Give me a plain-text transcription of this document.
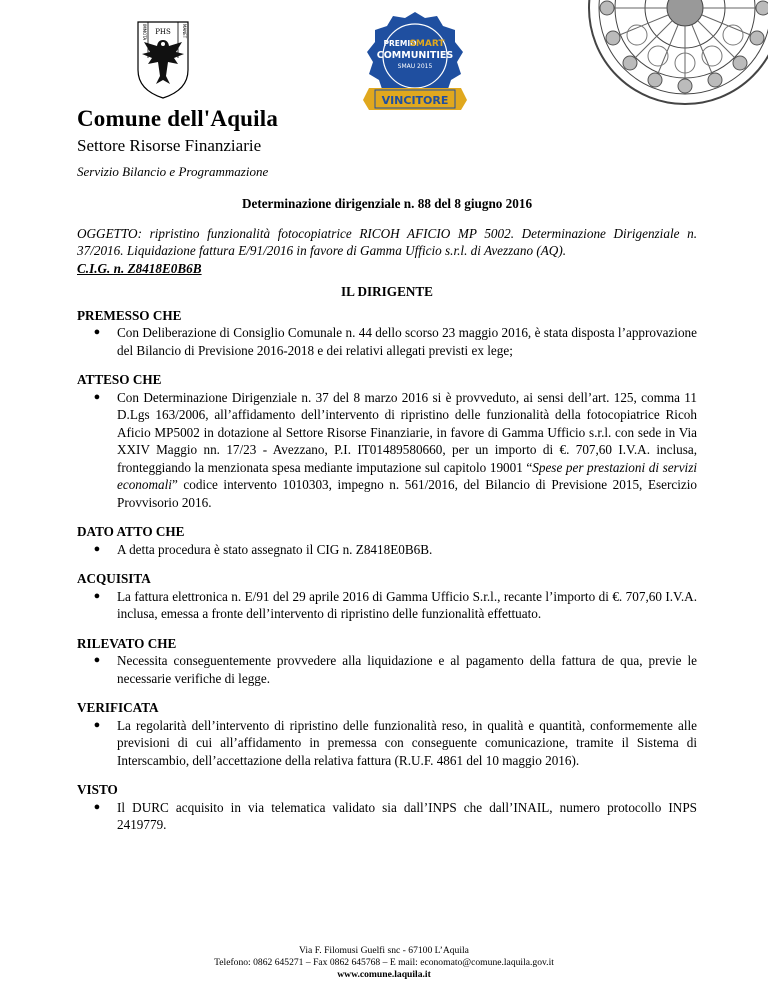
IMMOTA	MANET
PHS
Comune dell'Aquila
Settore Risorse Finanziarie
Servizio Bilancio e Programmazione
PREMIO
SMART
COMMUNITIES
SMAU 2015
VINCITORE

Determinazione dirigenziale n. 88 del 8 giugno 2016

OGGETTO: ripristino funzionalità fotocopiatrice RICOH AFICIO MP 5002. Determinazione Dirigenziale n. 37/2016. Liquidazione fattura E/91/2016 in favore di Gamma Ufficio s.r.l. di Avezzano (AQ).

C.I.G. n. Z8418E0B6B

IL DIRIGENTE

PREMESSO CHE

●	Con Deliberazione di Consiglio Comunale n. 44 dello scorso 23 maggio 2016, è stata disposta l’approvazione del Bilancio di Previsione 2016-2018 e dei relativi allegati previsti ex lege;

ATTESO CHE

●	Con Determinazione Dirigenziale n. 37 del 8 marzo 2016 si è provveduto, ai sensi dell’art. 125, comma 11 D.Lgs 163/2006, all’affidamento dell’intervento di ripristino delle funzionalità della fotocopiatrice Ricoh Aficio MP5002 in dotazione al Settore Risorse Finanziarie, in favore di Gamma Ufficio s.r.l. con sede in Via XXIV Maggio nn. 17/23 - Avezzano, P.I. IT01489580660, per un importo di €. 707,60 I.V.A. inclusa, fronteggiando la menzionata spesa mediante imputazione sul capitolo 19001 “Spese per prestazioni di servizi economali” codice intervento 1010303, impegno n. 561/2016, del Bilancio di Previsione 2015, Esercizio Provvisorio 2016.

DATO ATTO CHE

●	A detta procedura è stato assegnato il CIG n. Z8418E0B6B.

ACQUISITA

●	La fattura elettronica n. E/91 del 29 aprile 2016 di Gamma Ufficio S.r.l., recante l’importo di €. 707,60 I.V.A. inclusa, emessa a fronte dell’intervento di ripristino delle funzionalità effettuato.

RILEVATO CHE

●	Necessita conseguentemente provvedere alla liquidazione e al pagamento della fattura de qua, previe le necessarie verifiche di legge.

VERIFICATA

●	La regolarità dell’intervento di ripristino delle funzionalità reso, in qualità e quantità, conformemente alle previsioni di cui all’affidamento in premessa con conseguente comunicazione, tramite il Sistema di Interscambio, dell’accettazione della relativa fattura (R.U.F. 4861 del 10 maggio 2016).

VISTO

●	Il DURC acquisito in via telematica validato sia dall’INPS che dall’INAIL, numero protocollo INPS 2419779.
Via F. Filomusi Guelfi snc - 67100 L’Aquila
Telefono: 0862 645271 – Fax 0862 645768 – E mail: economato@comune.laquila.gov.it
www.comune.laquila.it
